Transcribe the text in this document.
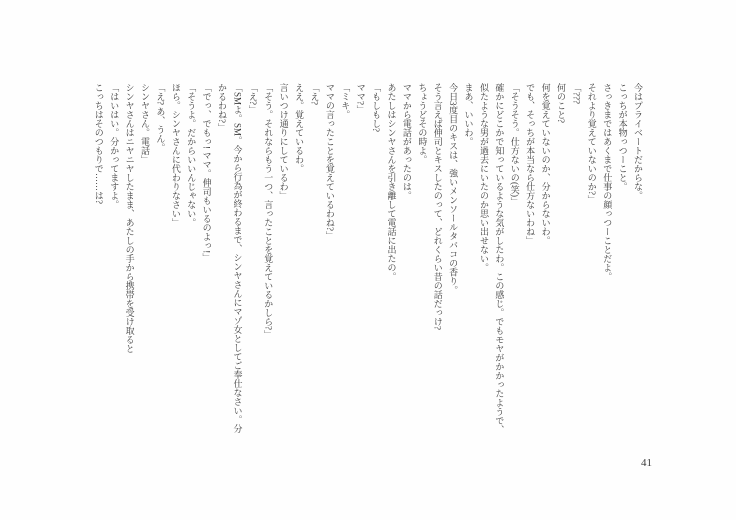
今はプライベートだからな。

こっちが本物っつーこと。

さっきまではあくまで仕事の顔っつーことだよ。

それより覚えていないのか?」

「???

何のこと?

何を覚えていないのか、分からないわ。

でも、そっちが本当なら仕方ないわね」

「そうそう。仕方ないの(笑)」

確かにどこかで知っているような気がしたわ。この感じ。でもモヤがかかったようで、

似たような男が過去にいたのか思い出せない。

まあ、いいわ。

今日3度目のキスは、強いメンソールタバコの香り。

そう言えば伸司とキスしたのって、どれくらい昔の話だっけ?

ちょうどその時よ。

ママから電話があったのは。

あたしはシンヤさんを引き離して電話に出たの。

「もしもし?

ママ?」

「ミキ。

ママの言ったことを覚えているわね?」

「え?

ええ。覚えているわ。

言いつけ通りにしているわ」

「そう。それならもう一つ、言ったことを覚えているかしら?」

「え?」

「SMよ。SM。今から行為が終わるまで、シンヤさんにマゾ女としてご奉仕なさい。分

かるわね?」

「でっ、でもっ! ママ。伸司もいるのよっ!」

「そうよ。だからいいんじゃない。

ほら。シンヤさんに代わりなさい」

「え? あ、うん。

シンヤさん。電話」

シンヤさんはニヤニヤしたまま、あたしの手から携帯を受け取ると

「はいはい。分かってますよ。

こっちはそのつもりで……は?

41
